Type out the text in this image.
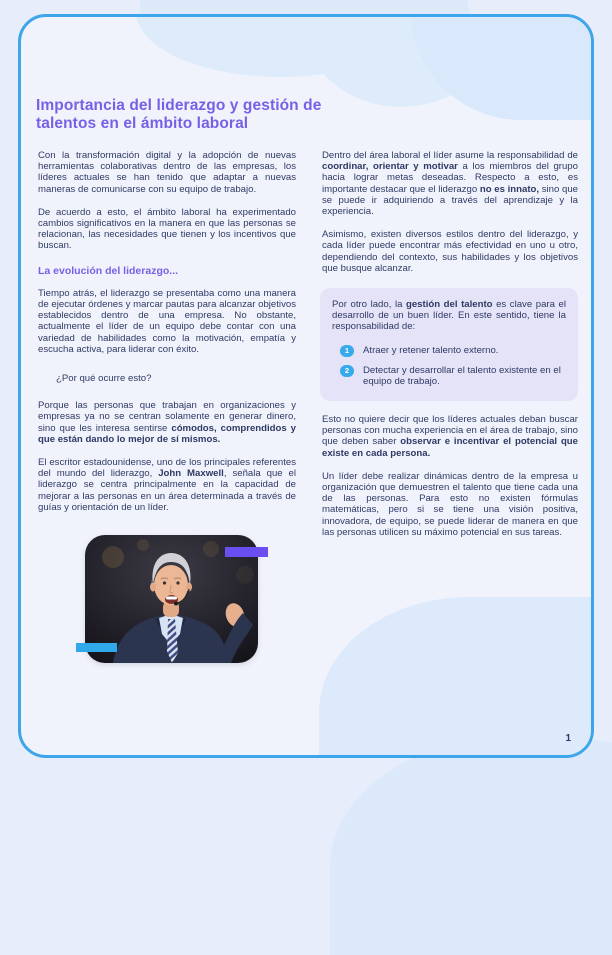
Importancia del liderazgo y gestión de talentos en el ámbito laboral

Con la transformación digital y la adopción de nuevas herramientas colaborativas dentro de las empresas, los líderes actuales se han tenido que adaptar a nuevas maneras de comunicarse con su equipo de trabajo.

De acuerdo a esto, el ámbito laboral ha experimentado cambios significativos en la manera en que las personas se relacionan, las necesidades que tienen y los incentivos que buscan.

La evolución del liderazgo...

Tiempo atrás, el liderazgo se presentaba como una manera de ejecutar órdenes y marcar pautas para alcanzar objetivos establecidos dentro de una empresa. No obstante, actualmente el líder de un equipo debe contar con una variedad de habilidades como la motivación, empatía y escucha activa, para liderar con éxito.

¿Por qué ocurre esto?

Porque las personas que trabajan en organizaciones y empresas ya no se centran solamente en generar dinero, sino que les interesa sentirse cómodos, comprendidos y que están dando lo mejor de sí mismos.

El escritor estadounidense, uno de los principales referentes del mundo del liderazgo, John Maxwell, señala que el liderazgo se centra principalmente en la capacidad de mejorar a las personas en un área determinada a través de guías y orientación de un líder.

Dentro del área laboral el líder asume la responsabilidad de coordinar, orientar y motivar a los miembros del grupo hacia lograr metas deseadas. Respecto a esto, es importante destacar que el liderazgo no es innato, sino que se puede ir adquiriendo a través del aprendizaje y la experiencia.

Asimismo, existen diversos estilos dentro del liderazgo, y cada líder puede encontrar más efectividad en uno u otro, dependiendo del contexto, sus habilidades y los objetivos que busque alcanzar.

Por otro lado, la gestión del talento es clave para el desarrollo de un buen líder. En este sentido, tiene la responsabilidad de:

1	Atraer y retener talento externo.
2	Detectar y desarrollar el talento existente en el equipo de trabajo.

Esto no quiere decir que los líderes actuales deban buscar personas con mucha experiencia en el área de trabajo, sino que deben saber observar e incentivar el potencial que existe en cada persona.

Un líder debe realizar dinámicas dentro de la empresa u organización que demuestren el talento que tiene cada una de las personas. Para esto no existen fórmulas matemáticas, pero si se tiene una visión positiva, innovadora, de equipo, se puede liderar de manera en que las personas utilicen su máximo potencial en sus tareas.

1
